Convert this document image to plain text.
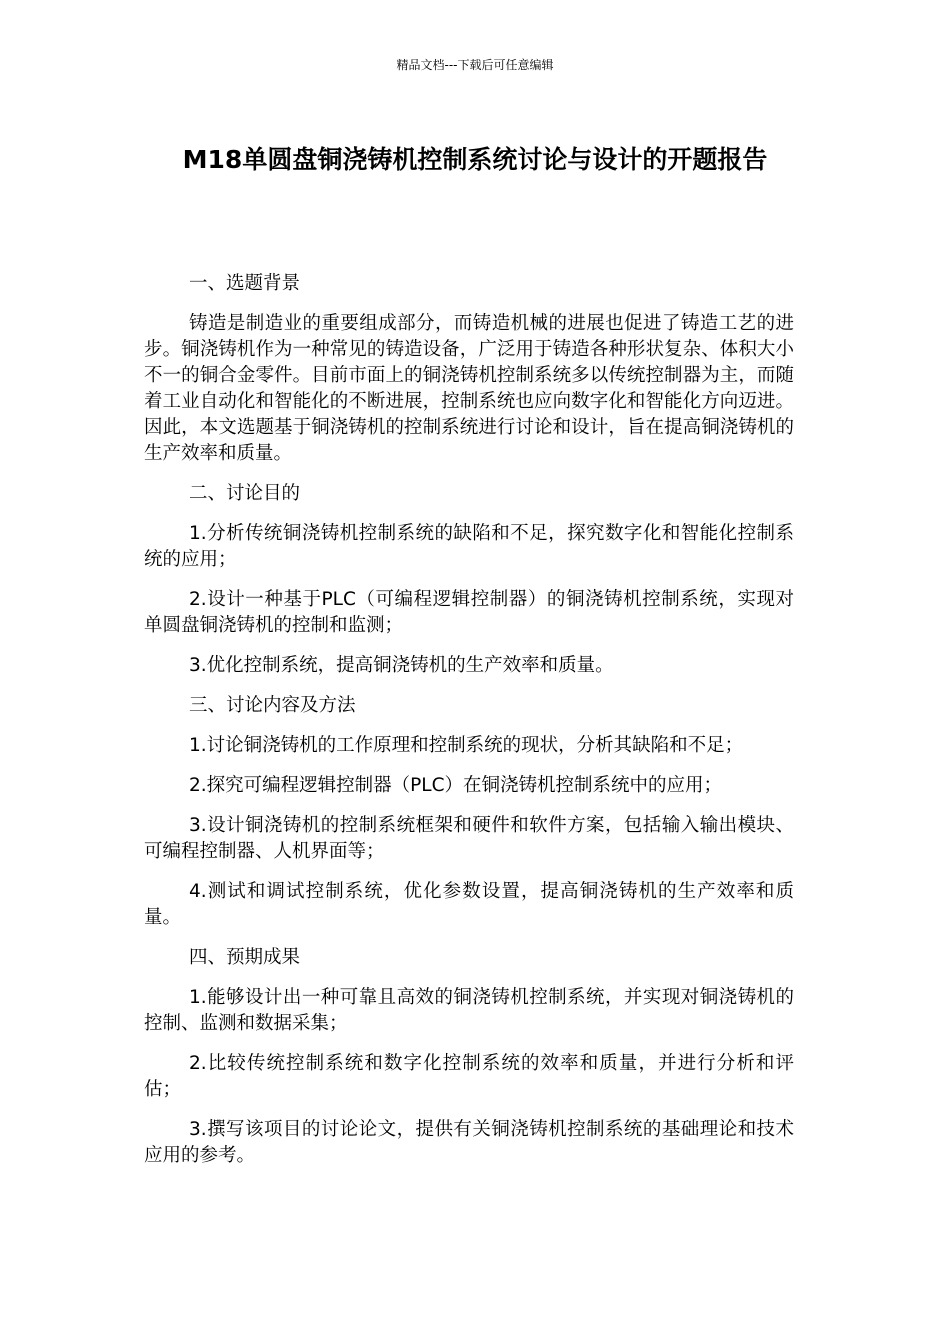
精品文档---下载后可任意编辑
M18单圆盘铜浇铸机控制系统讨论与设计的开题报告
一、选题背景
铸造是制造业的重要组成部分，而铸造机械的进展也促进了铸造工艺的进步。铜浇铸机作为一种常见的铸造设备，广泛用于铸造各种形状复杂、体积大小不一的铜合金零件。目前市面上的铜浇铸机控制系统多以传统控制器为主，而随着工业自动化和智能化的不断进展，控制系统也应向数字化和智能化方向迈进。因此，本文选题基于铜浇铸机的控制系统进行讨论和设计，旨在提高铜浇铸机的生产效率和质量。
二、讨论目的
1.分析传统铜浇铸机控制系统的缺陷和不足，探究数字化和智能化控制系统的应用；
2.设计一种基于PLC（可编程逻辑控制器）的铜浇铸机控制系统，实现对单圆盘铜浇铸机的控制和监测；
3.优化控制系统，提高铜浇铸机的生产效率和质量。
三、讨论内容及方法
1.讨论铜浇铸机的工作原理和控制系统的现状，分析其缺陷和不足；
2.探究可编程逻辑控制器（PLC）在铜浇铸机控制系统中的应用；
3.设计铜浇铸机的控制系统框架和硬件和软件方案，包括输入输出模块、可编程控制器、人机界面等；
4.测试和调试控制系统，优化参数设置，提高铜浇铸机的生产效率和质量。
四、预期成果
1.能够设计出一种可靠且高效的铜浇铸机控制系统，并实现对铜浇铸机的控制、监测和数据采集；
2.比较传统控制系统和数字化控制系统的效率和质量，并进行分析和评估；
3.撰写该项目的讨论论文，提供有关铜浇铸机控制系统的基础理论和技术应用的参考。
